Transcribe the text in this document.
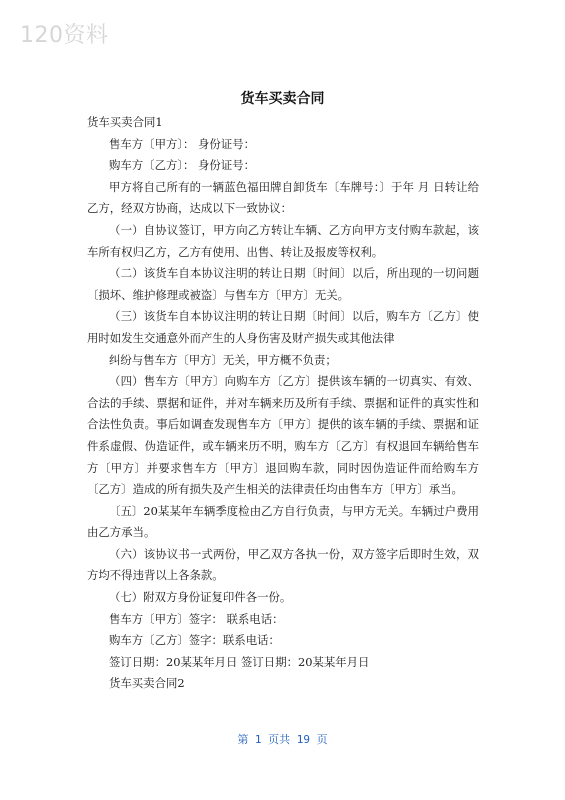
120资料
货车买卖合同

货车买卖合同1

售车方〔甲方〕： 身份证号：

购车方〔乙方〕： 身份证号：

甲方将自己所有的一辆蓝色福田牌自卸货车〔车牌号：〕于年 月 日转让给乙方，经双方协商，达成以下一致协议：

（一）自协议签订，甲方向乙方转让车辆、乙方向甲方支付购车款起，该车所有权归乙方，乙方有使用、出售、转让及报废等权利。

（二）该货车自本协议注明的转让日期〔时间〕以后，所出现的一切问题〔损坏、维护修理或被盗〕与售车方〔甲方〕无关。

（三）该货车自本协议注明的转让日期〔时间〕以后，购车方〔乙方〕使用时如发生交通意外而产生的人身伤害及财产损失或其他法律

纠纷与售车方〔甲方〕无关，甲方概不负责；

（四）售车方〔甲方〕向购车方〔乙方〕提供该车辆的一切真实、有效、合法的手续、票据和证件，并对车辆来历及所有手续、票据和证件的真实性和合法性负责。事后如调查发现售车方〔甲方〕提供的该车辆的手续、票据和证件系虚假、伪造证件，或车辆来历不明，购车方〔乙方〕有权退回车辆给售车方〔甲方〕并要求售车方〔甲方〕退回购车款，同时因伪造证件而给购车方〔乙方〕造成的所有损失及产生相关的法律责任均由售车方〔甲方〕承当。

〔五〕20某某年车辆季度检由乙方自行负责，与甲方无关。车辆过户费用由乙方承当。

（六）该协议书一式两份，甲乙双方各执一份，双方签字后即时生效，双方均不得违背以上各条款。

（七）附双方身份证复印件各一份。

售车方〔甲方〕签字： 联系电话：

购车方〔乙方〕签字：联系电话：

签订日期：20某某年月日 签订日期：20某某年月日

货车买卖合同2

第 1 页共 19 页
